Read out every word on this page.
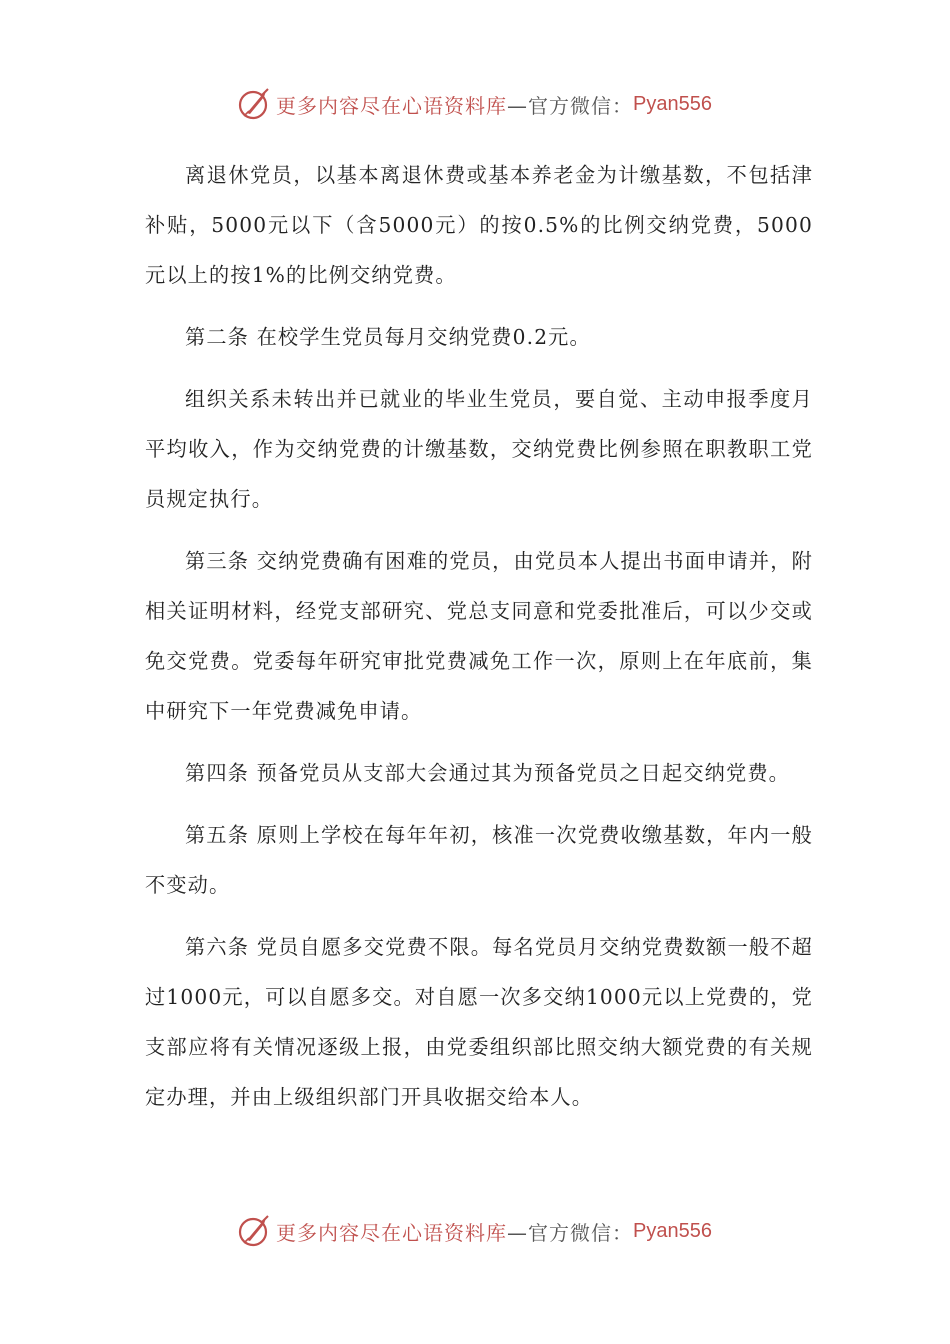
更多内容尽在心语资料库 —官方微信： Pyan556

离退休党员，以基本离退休费或基本养老金为计缴基数，不包括津补贴，5000元以下（含5000元）的按0.5%的比例交纳党费，5000元以上的按1%的比例交纳党费。

第二条 在校学生党员每月交纳党费0.2元。

组织关系未转出并已就业的毕业生党员，要自觉、主动申报季度月平均收入，作为交纳党费的计缴基数，交纳党费比例参照在职教职工党员规定执行。

第三条 交纳党费确有困难的党员，由党员本人提出书面申请并，附相关证明材料，经党支部研究、党总支同意和党委批准后，可以少交或免交党费。党委每年研究审批党费减免工作一次，原则上在年底前，集中研究下一年党费减免申请。

第四条 预备党员从支部大会通过其为预备党员之日起交纳党费。

第五条 原则上学校在每年年初，核准一次党费收缴基数，年内一般不变动。

第六条 党员自愿多交党费不限。每名党员月交纳党费数额一般不超过1000元，可以自愿多交。对自愿一次多交纳1000元以上党费的，党支部应将有关情况逐级上报，由党委组织部比照交纳大额党费的有关规定办理，并由上级组织部门开具收据交给本人。

更多内容尽在心语资料库 —官方微信： Pyan556
